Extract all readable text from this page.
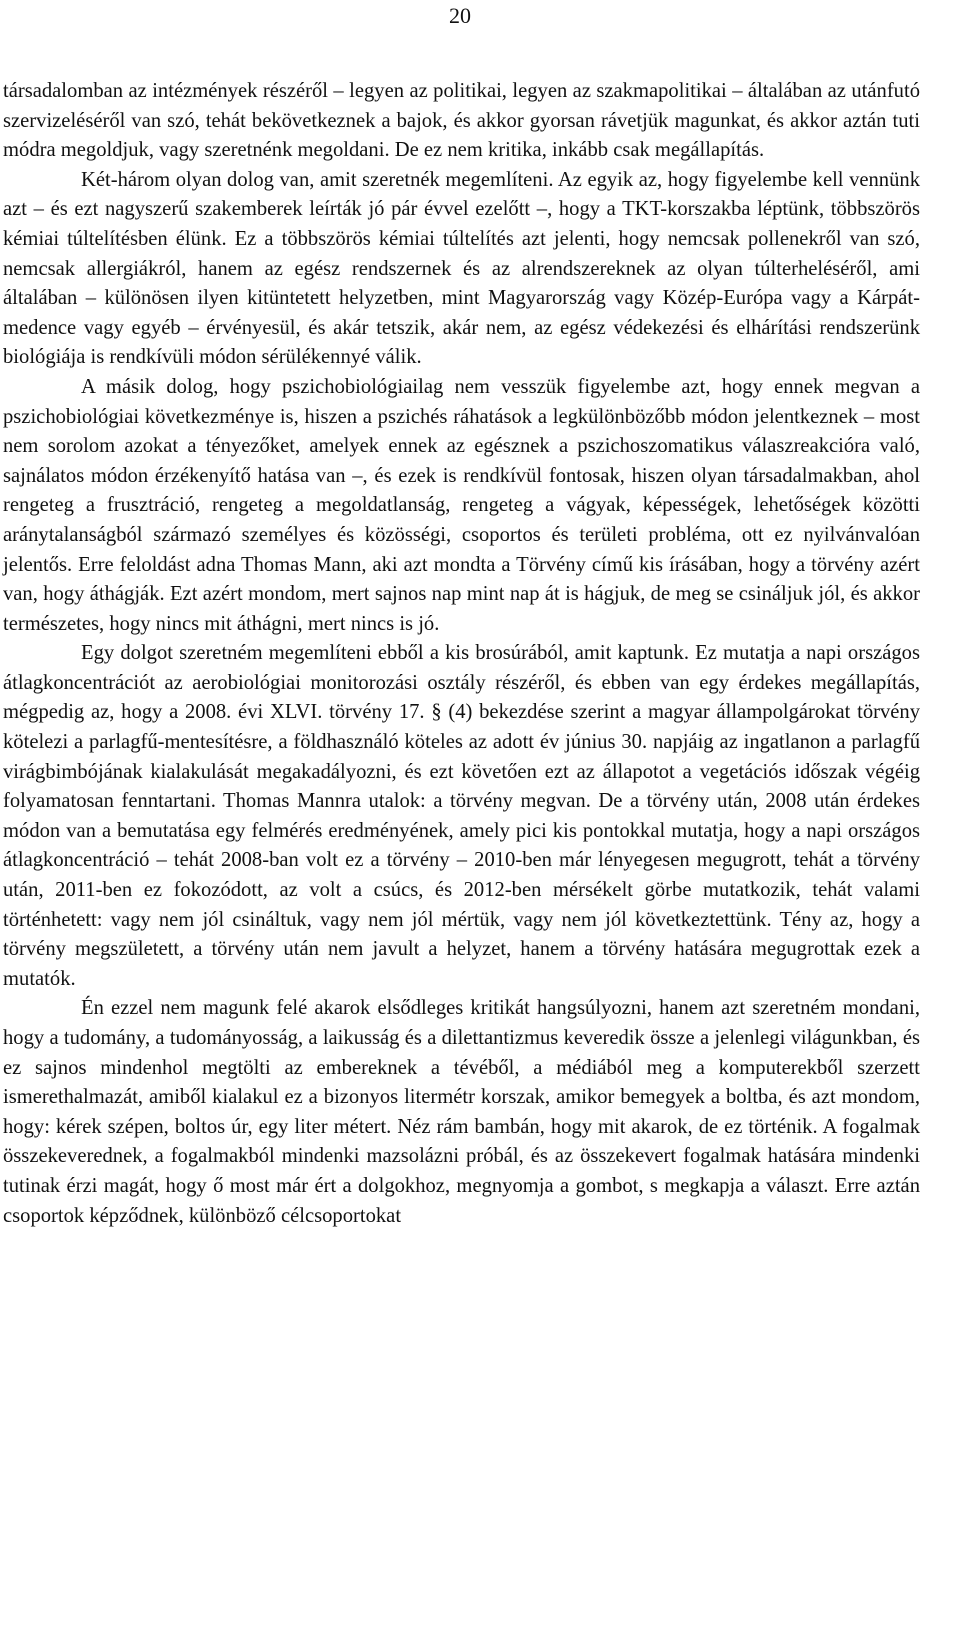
20

társadalomban az intézmények részéről – legyen az politikai, legyen az szakmapolitikai – általában az utánfutó szervizeléséről van szó, tehát bekövetkeznek a bajok, és akkor gyorsan rávetjük magunkat, és akkor aztán tuti módra megoldjuk, vagy szeretnénk megoldani. De ez nem kritika, inkább csak megállapítás.

Két-három olyan dolog van, amit szeretnék megemlíteni. Az egyik az, hogy figyelembe kell vennünk azt – és ezt nagyszerű szakemberek leírták jó pár évvel ezelőtt –, hogy a TKT-korszakba léptünk, többszörös kémiai túltelítésben élünk. Ez a többszörös kémiai túltelítés azt jelenti, hogy nemcsak pollenekről van szó, nemcsak allergiákról, hanem az egész rendszernek és az alrendszereknek az olyan túlterheléséről, ami általában – különösen ilyen kitüntetett helyzetben, mint Magyarország vagy Közép-Európa vagy a Kárpát-medence vagy egyéb – érvényesül, és akár tetszik, akár nem, az egész védekezési és elhárítási rendszerünk biológiája is rendkívüli módon sérülékennyé válik.

A másik dolog, hogy pszichobiológiailag nem vesszük figyelembe azt, hogy ennek megvan a pszichobiológiai következménye is, hiszen a pszichés ráhatások a legkülönbözőbb módon jelentkeznek – most nem sorolom azokat a tényezőket, amelyek ennek az egésznek a pszichoszomatikus válaszreakcióra való, sajnálatos módon érzékenyítő hatása van –, és ezek is rendkívül fontosak, hiszen olyan társadalmakban, ahol rengeteg a frusztráció, rengeteg a megoldatlanság, rengeteg a vágyak, képességek, lehetőségek közötti aránytalanságból származó személyes és közösségi, csoportos és területi probléma, ott ez nyilvánvalóan jelentős. Erre feloldást adna Thomas Mann, aki azt mondta a Törvény című kis írásában, hogy a törvény azért van, hogy áthágják. Ezt azért mondom, mert sajnos nap mint nap át is hágjuk, de meg se csináljuk jól, és akkor természetes, hogy nincs mit áthágni, mert nincs is jó.

Egy dolgot szeretném megemlíteni ebből a kis brosúrából, amit kaptunk. Ez mutatja a napi országos átlagkoncentrációt az aerobiológiai monitorozási osztály részéről, és ebben van egy érdekes megállapítás, mégpedig az, hogy a 2008. évi XLVI. törvény 17. § (4) bekezdése szerint a magyar állampolgárokat törvény kötelezi a parlagfű-mentesítésre, a földhasználó köteles az adott év június 30. napjáig az ingatlanon a parlagfű virágbimbójának kialakulását megakadályozni, és ezt követően ezt az állapotot a vegetációs időszak végéig folyamatosan fenntartani. Thomas Mannra utalok: a törvény megvan. De a törvény után, 2008 után érdekes módon van a bemutatása egy felmérés eredményének, amely pici kis pontokkal mutatja, hogy a napi országos átlagkoncentráció – tehát 2008-ban volt ez a törvény – 2010-ben már lényegesen megugrott, tehát a törvény után, 2011-ben ez fokozódott, az volt a csúcs, és 2012-ben mérsékelt görbe mutatkozik, tehát valami történhetett: vagy nem jól csináltuk, vagy nem jól mértük, vagy nem jól következtettünk. Tény az, hogy a törvény megszületett, a törvény után nem javult a helyzet, hanem a törvény hatására megugrottak ezek a mutatók.

Én ezzel nem magunk felé akarok elsődleges kritikát hangsúlyozni, hanem azt szeretném mondani, hogy a tudomány, a tudományosság, a laikusság és a dilettantizmus keveredik össze a jelenlegi világunkban, és ez sajnos mindenhol megtölti az embereknek a tévéből, a médiából meg a komputerekből szerzett ismerethalmazát, amiből kialakul ez a bizonyos litermétr korszak, amikor bemegyek a boltba, és azt mondom, hogy: kérek szépen, boltos úr, egy liter métert. Néz rám bambán, hogy mit akarok, de ez történik. A fogalmak összekeverednek, a fogalmakból mindenki mazsolázni próbál, és az összekevert fogalmak hatására mindenki tutinak érzi magát, hogy ő most már ért a dolgokhoz, megnyomja a gombot, s megkapja a választ. Erre aztán csoportok képződnek, különböző célcsoportokat
